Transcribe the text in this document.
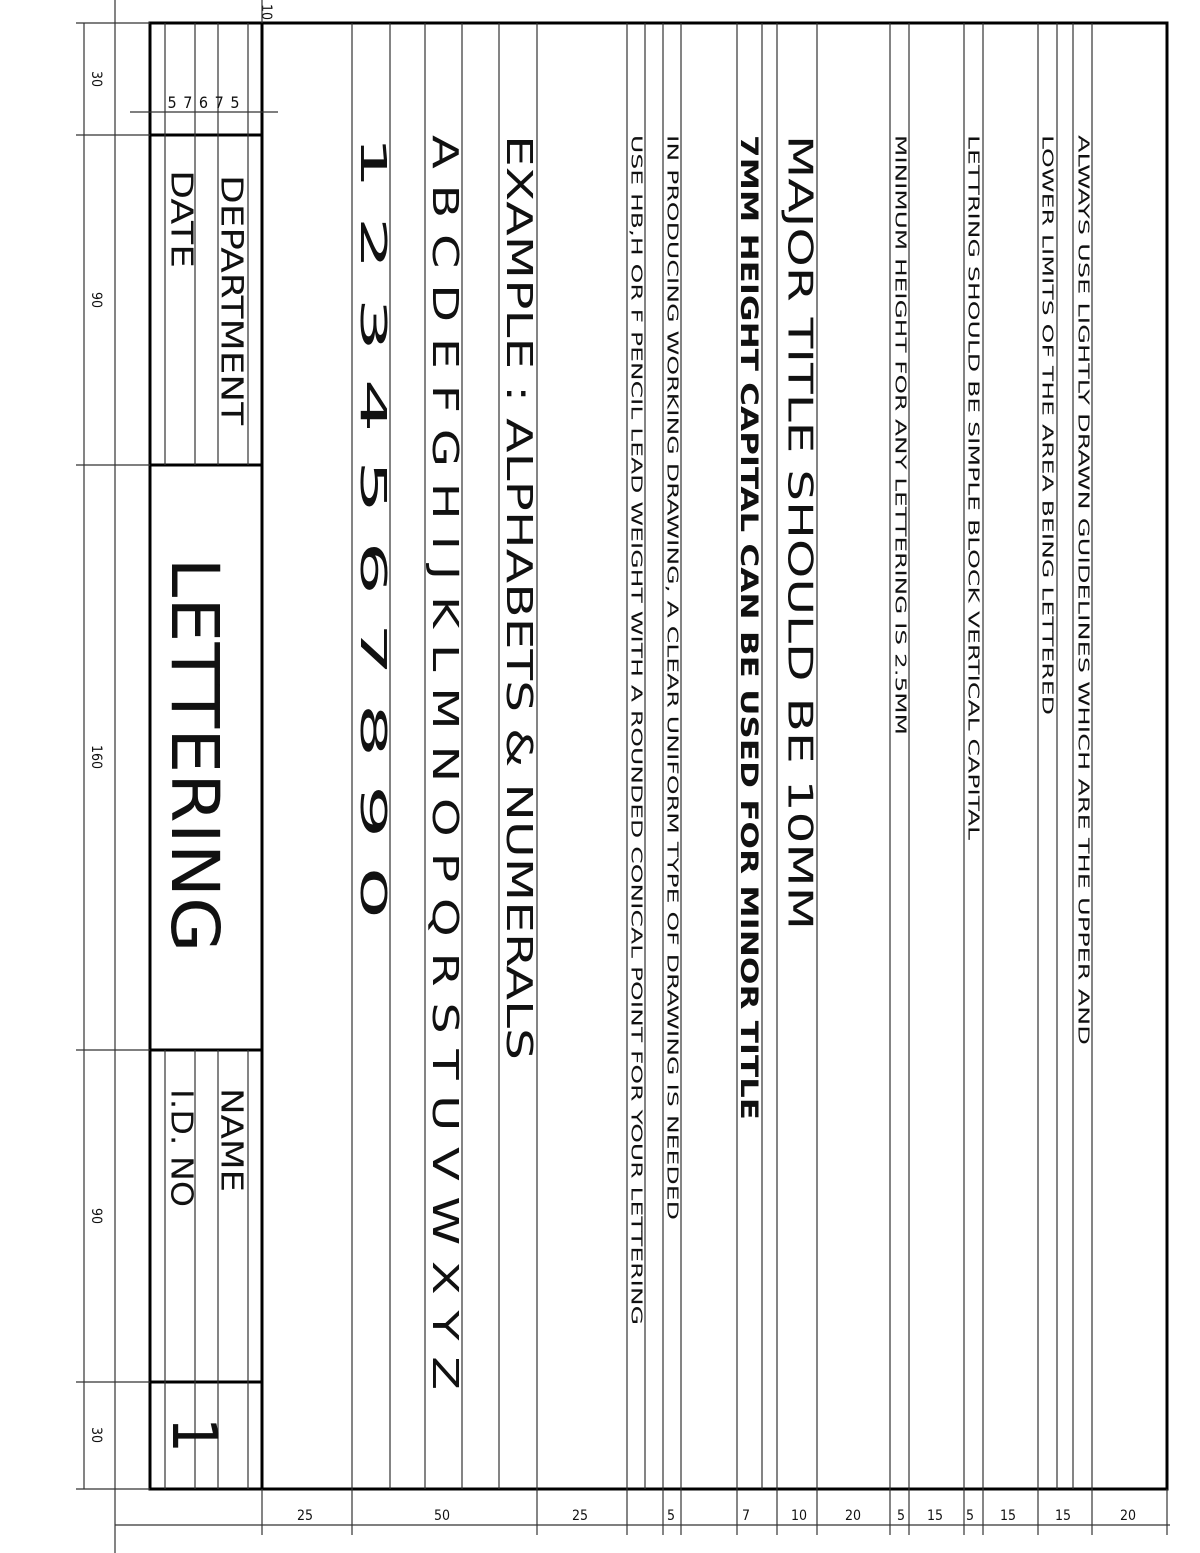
10
5 7 6 7 5
DEPARTMENT
DATE
LETTERING
NAME
I.D. NO
1
1 2 3 4 5 6 7 8 9 0 A B C D E F G H I J K L M N O P Q R S T U V W X Y Z EXAMPLE : ALPHABETS & NUMERALS	USE HB,H OR F PENCIL LEAD WEIGHT WITH A ROUNDED CONICAL POINT FOR YOUR LETTERING IN PRODUCING WORKING DRAWING, A CLEAR UNIFORM TYPE OF DRAWING IS NEEDED 7MM HEIGHT CAPITAL CAN BE USED FOR MINOR TITLE MAJOR TITLE SHOULD BE 10MM	MINIMUM HEIGHT FOR ANY LETTERING IS 2.5MM	LETTRING SHOULD BE SIMPLE BLOCK VERTICAL CAPITAL	LOWER LIMITS OF THE AREA BEING LETTERED ALWAYS USE LIGHTLY DRAWN GUIDELINES WHICH ARE THE UPPER AND
30
90
160
90
30
25	50	25	5	7	10	20	5 15 5 15	15	20
